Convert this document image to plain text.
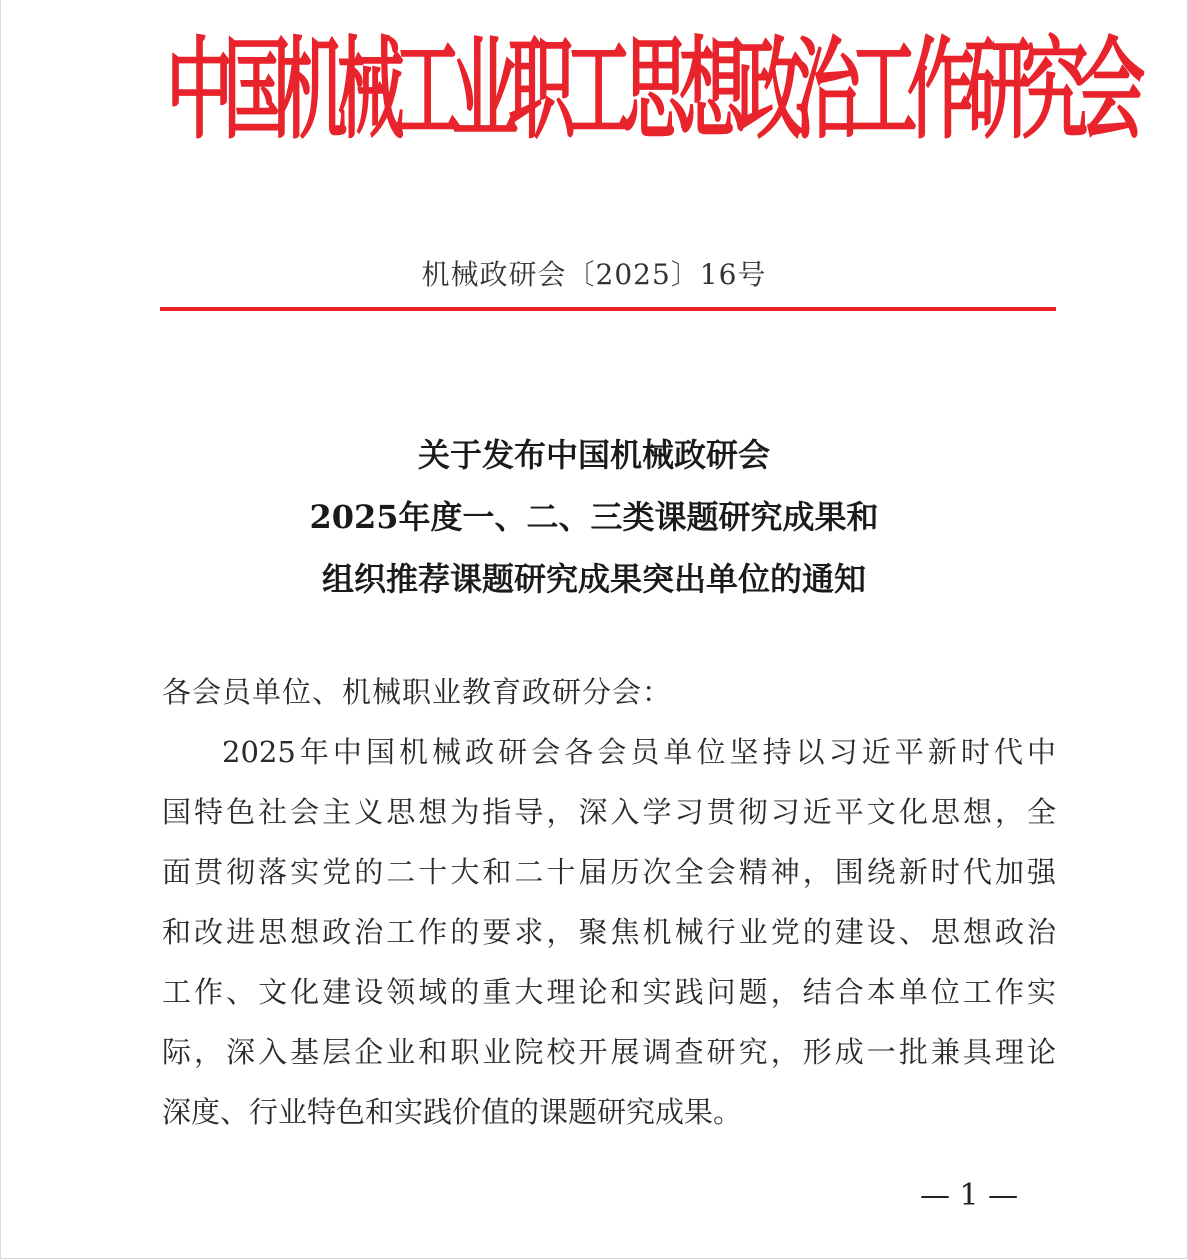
中
国
机
械
工
业
职
工
思
想
政
治
工
作
研
究
会
机械政研会〔2025〕16号
关于发布中国机械政研会
2025年度一、二、三类课题研究成果和
组织推荐课题研究成果突出单位的通知
各会员单位、机械职业教育政研分会：
2025年中国机械政研会各会员单位坚持以习近平新时代中
国特色社会主义思想为指导，深入学习贯彻习近平文化思想，全
面贯彻落实党的二十大和二十届历次全会精神，围绕新时代加强
和改进思想政治工作的要求，聚焦机械行业党的建设、思想政治
工作、文化建设领域的重大理论和实践问题，结合本单位工作实
际，深入基层企业和职业院校开展调查研究，形成一批兼具理论
深度、行业特色和实践价值的课题研究成果。
— 1 —
